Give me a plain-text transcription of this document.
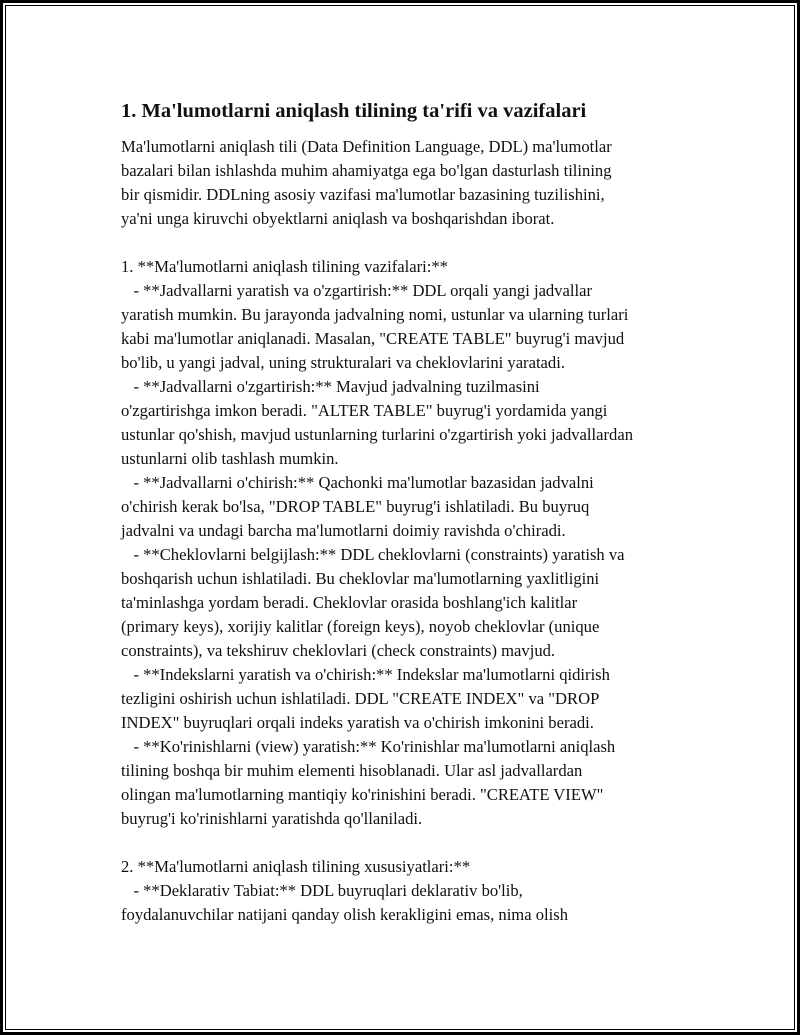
1. Ma'lumotlarni aniqlash tilining ta'rifi va vazifalari
Ma'lumotlarni aniqlash tili (Data Definition Language, DDL) ma'lumotlar
bazalari bilan ishlashda muhim ahamiyatga ega bo'lgan dasturlash tilining
bir qismidir. DDLning asosiy vazifasi ma'lumotlar bazasining tuzilishini,
ya'ni unga kiruvchi obyektlarni aniqlash va boshqarishdan iborat.
1. **Ma'lumotlarni aniqlash tilining vazifalari:**
- **Jadvallarni yaratish va o'zgartirish:** DDL orqali yangi jadvallar
yaratish mumkin. Bu jarayonda jadvalning nomi, ustunlar va ularning turlari
kabi ma'lumotlar aniqlanadi. Masalan, "CREATE TABLE" buyrug'i mavjud
bo'lib, u yangi jadval, uning strukturalari va cheklovlarini yaratadi.
- **Jadvallarni o'zgartirish:** Mavjud jadvalning tuzilmasini
o'zgartirishga imkon beradi. "ALTER TABLE" buyrug'i yordamida yangi
ustunlar qo'shish, mavjud ustunlarning turlarini o'zgartirish yoki jadvallardan
ustunlarni olib tashlash mumkin.
- **Jadvallarni o'chirish:** Qachonki ma'lumotlar bazasidan jadvalni
o'chirish kerak bo'lsa, "DROP TABLE" buyrug'i ishlatiladi. Bu buyruq
jadvalni va undagi barcha ma'lumotlarni doimiy ravishda o'chiradi.
- **Cheklovlarni belgijlash:** DDL cheklovlarni (constraints) yaratish va
boshqarish uchun ishlatiladi. Bu cheklovlar ma'lumotlarning yaxlitligini
ta'minlashga yordam beradi. Cheklovlar orasida boshlang'ich kalitlar
(primary keys), xorijiy kalitlar (foreign keys), noyob cheklovlar (unique
constraints), va tekshiruv cheklovlari (check constraints) mavjud.
- **Indekslarni yaratish va o'chirish:** Indekslar ma'lumotlarni qidirish
tezligini oshirish uchun ishlatiladi. DDL "CREATE INDEX" va "DROP
INDEX" buyruqlari orqali indeks yaratish va o'chirish imkonini beradi.
- **Ko'rinishlarni (view) yaratish:** Ko'rinishlar ma'lumotlarni aniqlash
tilining boshqa bir muhim elementi hisoblanadi. Ular asl jadvallardan
olingan ma'lumotlarning mantiqiy ko'rinishini beradi. "CREATE VIEW"
buyrug'i ko'rinishlarni yaratishda qo'llaniladi.
2. **Ma'lumotlarni aniqlash tilining xususiyatlari:**
- **Deklarativ Tabiat:** DDL buyruqlari deklarativ bo'lib,
foydalanuvchilar natijani qanday olish kerakligini emas, nima olish
